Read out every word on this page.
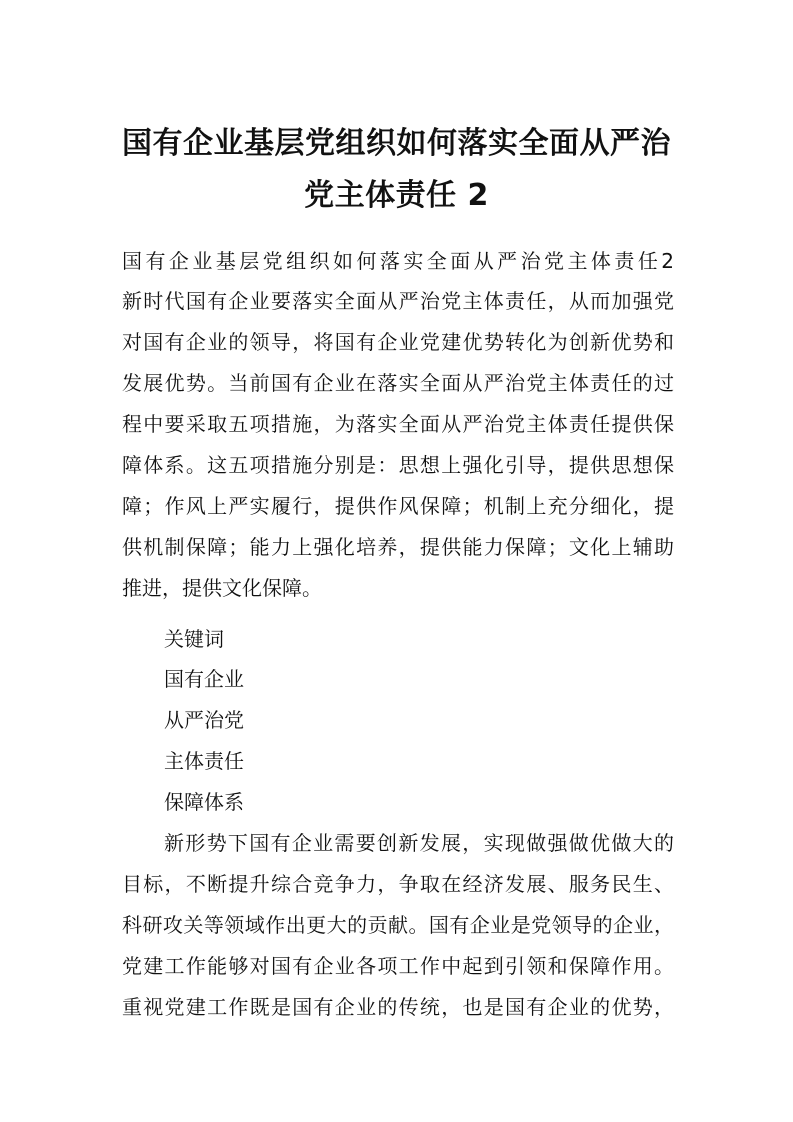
国有企业基层党组织如何落实全面从严治
党主体责任 2
国有企业基层党组织如何落实全面从严治党主体责任2
新时代国有企业要落实全面从严治党主体责任，从而加强党
对国有企业的领导，将国有企业党建优势转化为创新优势和
发展优势。当前国有企业在落实全面从严治党主体责任的过
程中要采取五项措施，为落实全面从严治党主体责任提供保
障体系。这五项措施分别是：思想上强化引导，提供思想保
障；作风上严实履行，提供作风保障；机制上充分细化，提
供机制保障；能力上强化培养，提供能力保障；文化上辅助
推进，提供文化保障。
关键词
国有企业
从严治党
主体责任
保障体系
新形势下国有企业需要创新发展，实现做强做优做大的
目标，不断提升综合竞争力，争取在经济发展、服务民生、
科研攻关等领域作出更大的贡献。国有企业是党领导的企业，
党建工作能够对国有企业各项工作中起到引领和保障作用。
重视党建工作既是国有企业的传统，也是国有企业的优势，
